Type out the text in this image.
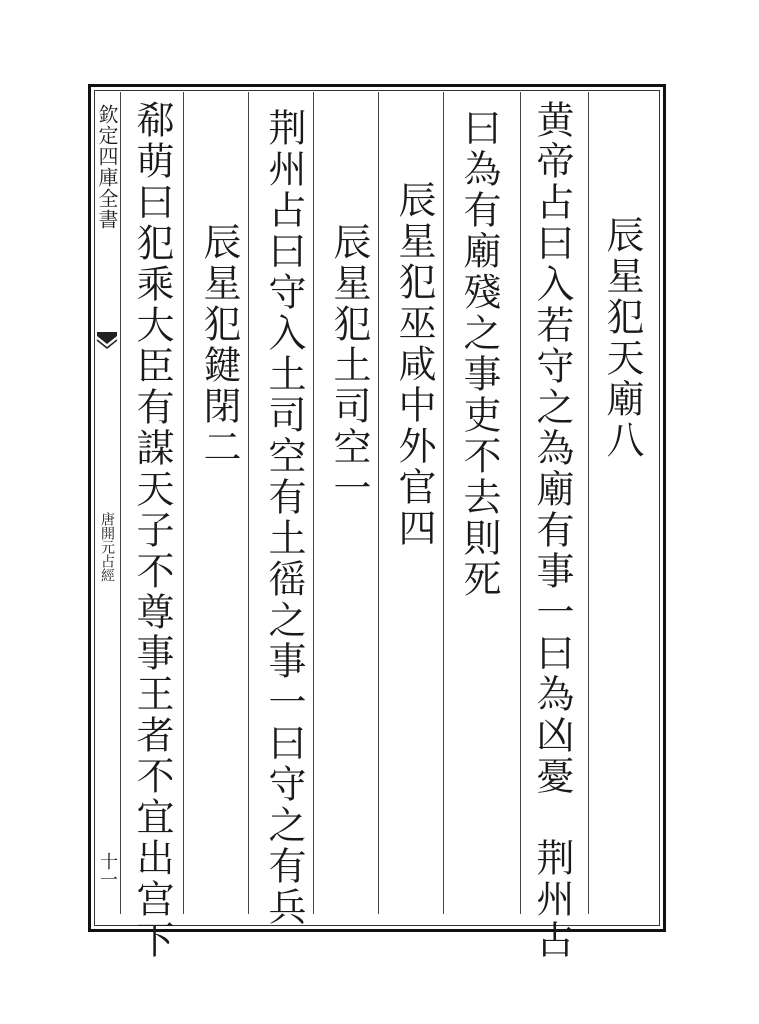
欽定四庫全書
唐開元占經
十一
辰星犯天廟八
黄帝占曰入若守之為廟有事一曰為凶憂　荆州占
曰為有廟殘之事吏不去則死
辰星犯巫咸中外官四
辰星犯土司空一
荆州占曰守入土司空有土徭之事一曰守之有兵
辰星犯鍵閉二
郗萌曰犯乘大臣有謀天子不尊事王者不宜出宫下
